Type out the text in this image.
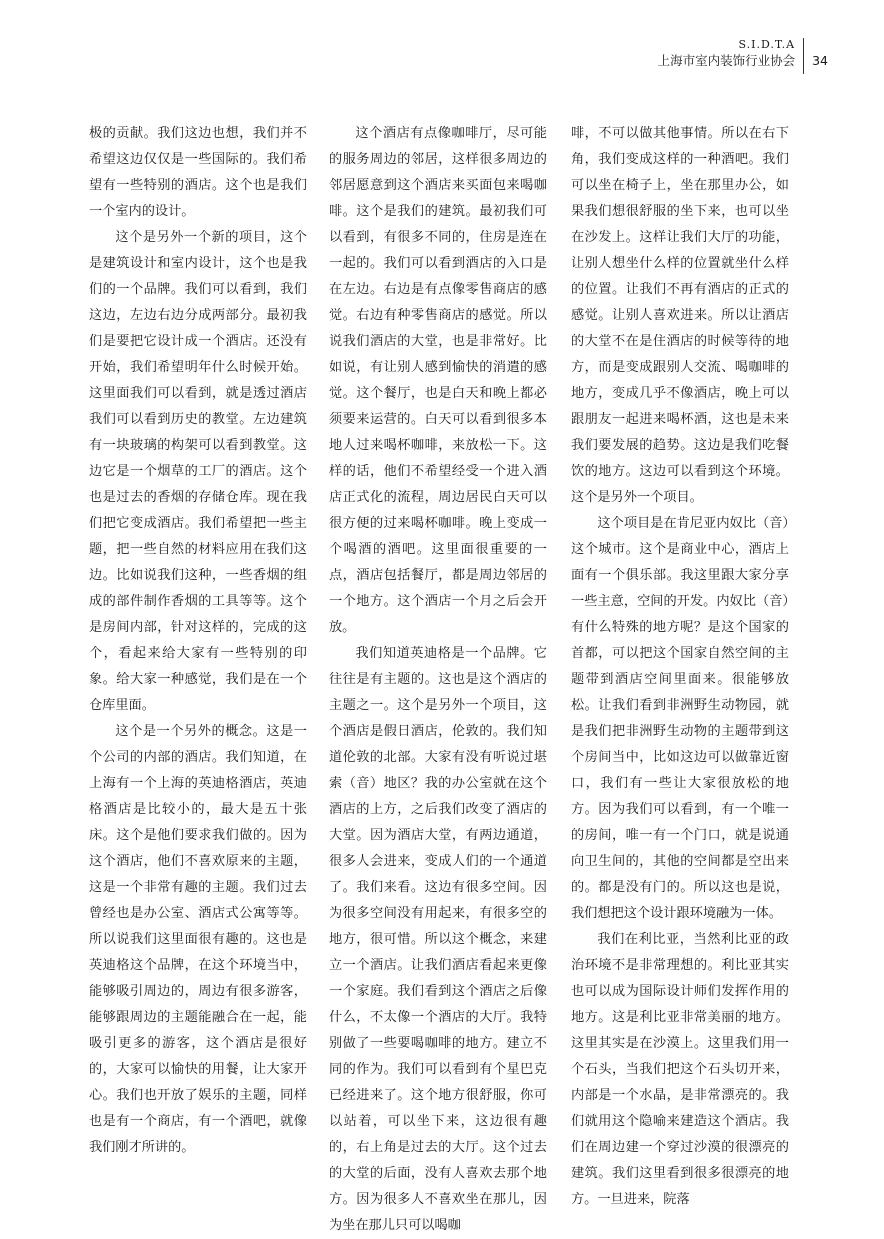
S.I.D.T.A
上海市室内装饰行业协会	34

极的贡献。我们这边也想，我们并不希望这边仅仅是一些国际的。我们希望有一些特别的酒店。这个也是我们一个室内的设计。

这个是另外一个新的项目，这个是建筑设计和室内设计，这个也是我们的一个品牌。我们可以看到，我们这边，左边右边分成两部分。最初我们是要把它设计成一个酒店。还没有开始，我们希望明年什么时候开始。这里面我们可以看到，就是透过酒店我们可以看到历史的教堂。左边建筑有一块玻璃的构架可以看到教堂。这边它是一个烟草的工厂的酒店。这个也是过去的香烟的存储仓库。现在我们把它变成酒店。我们希望把一些主题，把一些自然的材料应用在我们这边。比如说我们这种，一些香烟的组成的部件制作香烟的工具等等。这个是房间内部，针对这样的，完成的这个，看起来给大家有一些特别的印象。给大家一种感觉，我们是在一个仓库里面。

这个是一个另外的概念。这是一个公司的内部的酒店。我们知道，在上海有一个上海的英迪格酒店，英迪格酒店是比较小的，最大是五十张床。这个是他们要求我们做的。因为这个酒店，他们不喜欢原来的主题，这是一个非常有趣的主题。我们过去曾经也是办公室、酒店式公寓等等。所以说我们这里面很有趣的。这也是英迪格这个品牌，在这个环境当中，能够吸引周边的，周边有很多游客，能够跟周边的主题能融合在一起，能吸引更多的游客，这个酒店是很好的，大家可以愉快的用餐，让大家开心。我们也开放了娱乐的主题，同样也是有一个商店，有一个酒吧，就像我们刚才所讲的。

这个酒店有点像咖啡厅，尽可能的服务周边的邻居，这样很多周边的邻居愿意到这个酒店来买面包来喝咖啡。这个是我们的建筑。最初我们可以看到，有很多不同的，住房是连在一起的。我们可以看到酒店的入口是在左边。右边是有点像零售商店的感觉。右边有种零售商店的感觉。所以说我们酒店的大堂，也是非常好。比如说，有让别人感到愉快的消遣的感觉。这个餐厅，也是白天和晚上都必须要来运营的。白天可以看到很多本地人过来喝杯咖啡，来放松一下。这样的话，他们不希望经受一个进入酒店正式化的流程，周边居民白天可以很方便的过来喝杯咖啡。晚上变成一个喝酒的酒吧。这里面很重要的一点，酒店包括餐厅，都是周边邻居的一个地方。这个酒店一个月之后会开放。

我们知道英迪格是一个品牌。它往往是有主题的。这也是这个酒店的主题之一。这个是另外一个项目，这个酒店是假日酒店，伦敦的。我们知道伦敦的北部。大家有没有听说过堪索（音）地区？我的办公室就在这个酒店的上方，之后我们改变了酒店的大堂。因为酒店大堂，有两边通道，很多人会进来，变成人们的一个通道了。我们来看。这边有很多空间。因为很多空间没有用起来，有很多空的地方，很可惜。所以这个概念，来建立一个酒店。让我们酒店看起来更像一个家庭。我们看到这个酒店之后像什么，不太像一个酒店的大厅。我特别做了一些要喝咖啡的地方。建立不同的作为。我们可以看到有个星巴克已经进来了。这个地方很舒服，你可以站着，可以坐下来，这边很有趣的，右上角是过去的大厅。这个过去的大堂的后面，没有人喜欢去那个地方。因为很多人不喜欢坐在那儿，因为坐在那儿只可以喝咖

啡，不可以做其他事情。所以在右下角，我们变成这样的一种酒吧。我们可以坐在椅子上，坐在那里办公，如果我们想很舒服的坐下来，也可以坐在沙发上。这样让我们大厅的功能，让别人想坐什么样的位置就坐什么样的位置。让我们不再有酒店的正式的感觉。让别人喜欢进来。所以让酒店的大堂不在是住酒店的时候等待的地方，而是变成跟别人交流、喝咖啡的地方，变成几乎不像酒店，晚上可以跟朋友一起进来喝杯酒，这也是未来我们要发展的趋势。这边是我们吃餐饮的地方。这边可以看到这个环境。这个是另外一个项目。

这个项目是在肯尼亚内奴比（音）这个城市。这个是商业中心，酒店上面有一个俱乐部。我这里跟大家分享一些主意，空间的开发。内奴比（音）有什么特殊的地方呢？是这个国家的首都，可以把这个国家自然空间的主题带到酒店空间里面来。很能够放松。让我们看到非洲野生动物园，就是我们把非洲野生动物的主题带到这个房间当中，比如这边可以做靠近窗口，我们有一些让大家很放松的地方。因为我们可以看到，有一个唯一的房间，唯一有一个门口，就是说通向卫生间的，其他的空间都是空出来的。都是没有门的。所以这也是说，我们想把这个设计跟环境融为一体。

我们在利比亚，当然利比亚的政治环境不是非常理想的。利比亚其实也可以成为国际设计师们发挥作用的地方。这是利比亚非常美丽的地方。这里其实是在沙漠上。这里我们用一个石头，当我们把这个石头切开来，内部是一个水晶，是非常漂亮的。我们就用这个隐喻来建造这个酒店。我们在周边建一个穿过沙漠的很漂亮的建筑。我们这里看到很多很漂亮的地方。一旦进来，院落
